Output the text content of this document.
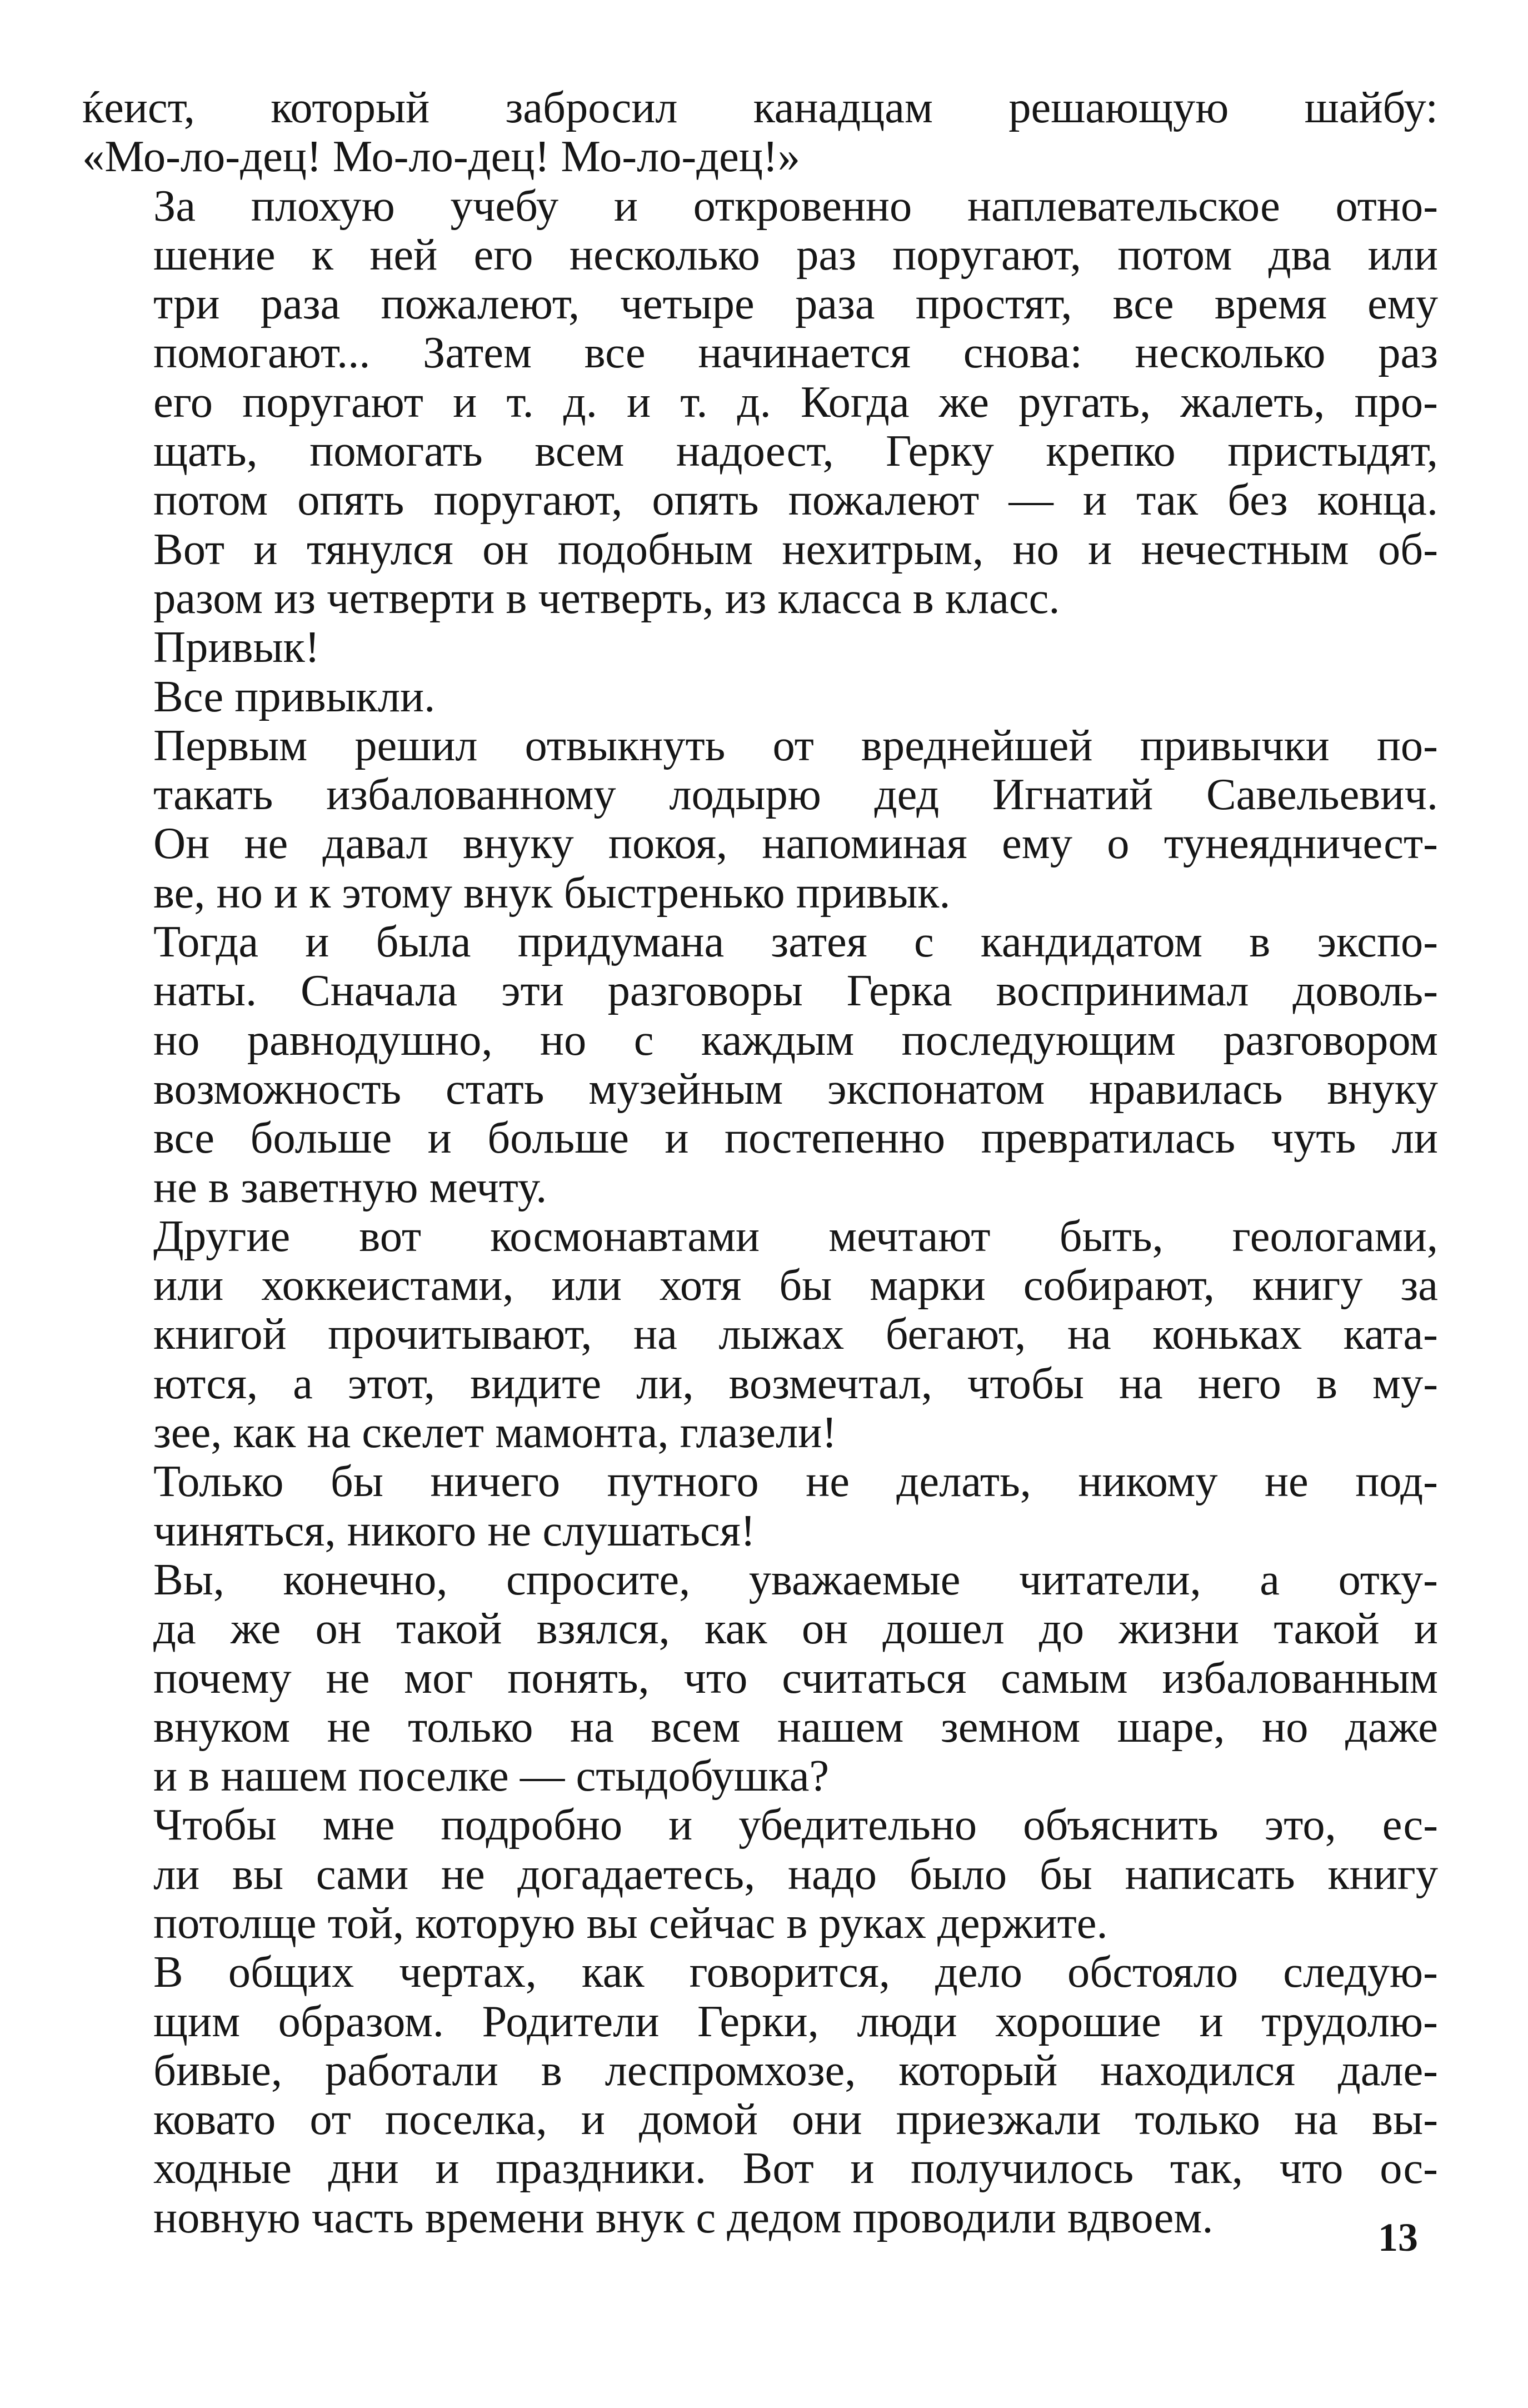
ќеист, который забросил канадцам решающую шайбу:
«Мо-ло-дец! Мо-ло-дец! Мо-ло-дец!»

За плохую учебу и откровенно наплевательское отно-
шение к ней его несколько раз поругают, потом два или
три раза пожалеют, четыре раза простят, все время ему
помогают... Затем все начинается снова: несколько раз
его поругают и т. д. и т. д. Когда же ругать, жалеть, про-
щать, помогать всем надоест, Герку крепко пристыдят,
потом опять поругают, опять пожалеют — и так без конца.
Вот и тянулся он подобным нехитрым, но и нечестным об-
разом из четверти в четверть, из класса в класс.

Привык!

Все привыкли.

Первым решил отвыкнуть от вреднейшей привычки по-
такать избалованному лодырю дед Игнатий Савельевич.
Он не давал внуку покоя, напоминая ему о тунеядничест-
ве, но и к этому внук быстренько привык.

Тогда и была придумана затея с кандидатом в экспо-
наты. Сначала эти разговоры Герка воспринимал доволь-
но равнодушно, но с каждым последующим разговором
возможность стать музейным экспонатом нравилась внуку
все больше и больше и постепенно превратилась чуть ли
не в заветную мечту.

Другие вот космонавтами мечтают быть, геологами,
или хоккеистами, или хотя бы марки собирают, книгу за
книгой прочитывают, на лыжах бегают, на коньках ката-
ются, а этот, видите ли, возмечтал, чтобы на него в му-
зее, как на скелет мамонта, глазели!

Только бы ничего путного не делать, никому не под-
чиняться, никого не слушаться!

Вы, конечно, спросите, уважаемые читатели, а отку-
да же он такой взялся, как он дошел до жизни такой и
почему не мог понять, что считаться самым избалованным
внуком не только на всем нашем земном шаре, но даже
и в нашем поселке — стыдобушка?

Чтобы мне подробно и убедительно объяснить это, ес-
ли вы сами не догадаетесь, надо было бы написать книгу
потолще той, которую вы сейчас в руках держите.

В общих чертах, как говорится, дело обстояло следую-
щим образом. Родители Герки, люди хорошие и трудолю-
бивые, работали в леспромхозе, который находился дале-
ковато от поселка, и домой они приезжали только на вы-
ходные дни и праздники. Вот и получилось так, что ос-
новную часть времени внук с дедом проводили вдвоем.	13
